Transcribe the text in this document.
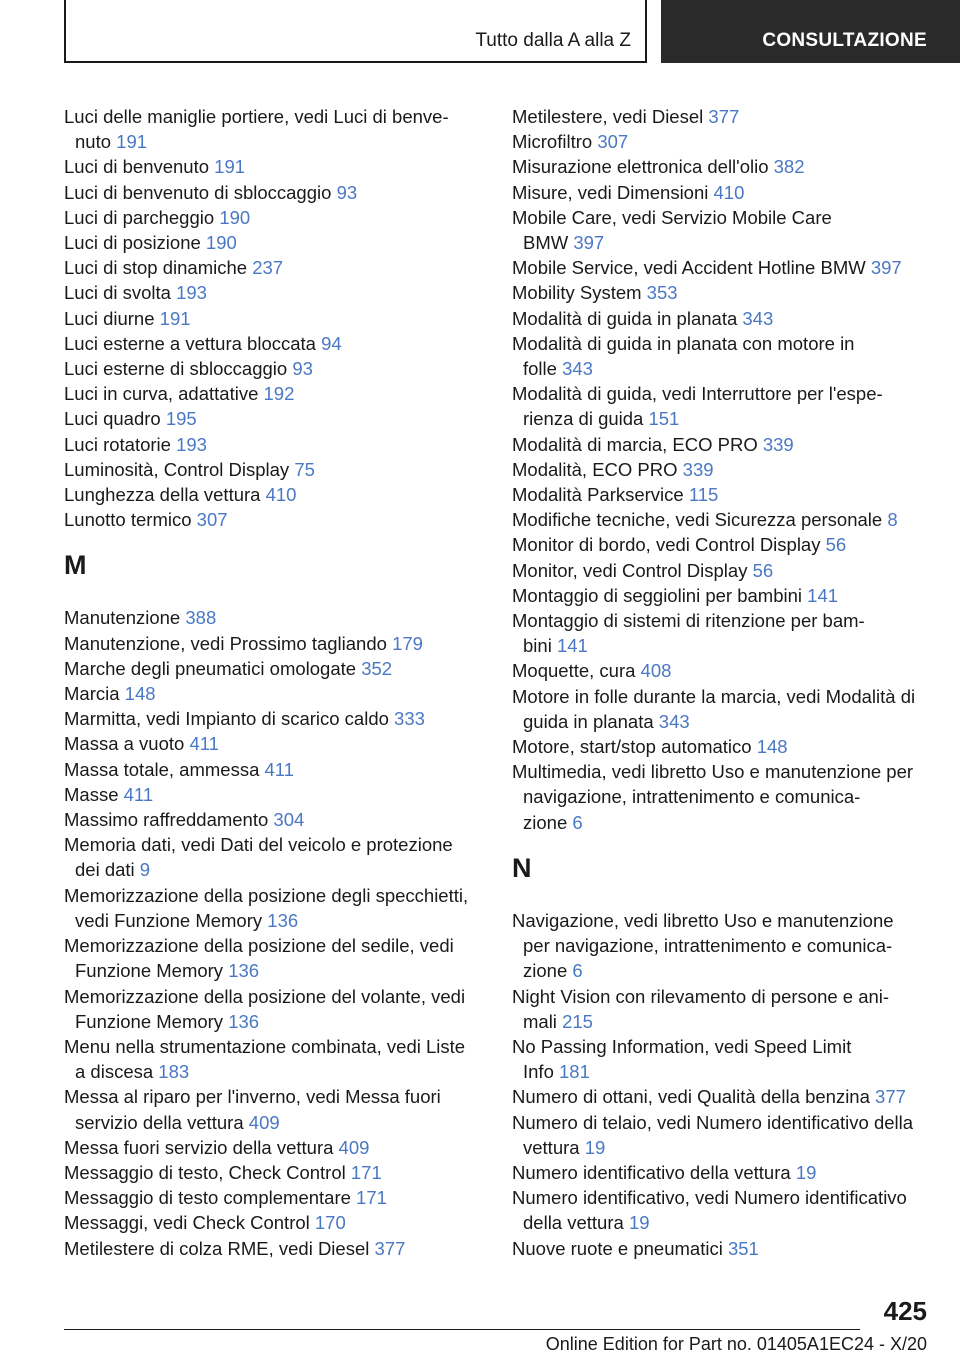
Tutto dalla A alla Z	CONSULTAZIONE
Luci delle maniglie portiere, vedi Luci di benve-
nuto 191
Luci di benvenuto 191
Luci di benvenuto di sbloccaggio 93
Luci di parcheggio 190
Luci di posizione 190
Luci di stop dinamiche 237
Luci di svolta 193
Luci diurne 191
Luci esterne a vettura bloccata 94
Luci esterne di sbloccaggio 93
Luci in curva, adattative 192
Luci quadro 195
Luci rotatorie 193
Luminosità, Control Display 75
Lunghezza della vettura 410
Lunotto termico 307
M
Manutenzione 388
Manutenzione, vedi Prossimo tagliando 179
Marche degli pneumatici omologate 352
Marcia 148
Marmitta, vedi Impianto di scarico caldo 333
Massa a vuoto 411
Massa totale, ammessa 411
Masse 411
Massimo raffreddamento 304
Memoria dati, vedi Dati del veicolo e protezione
dei dati 9
Memorizzazione della posizione degli specchietti,
vedi Funzione Memory 136
Memorizzazione della posizione del sedile, vedi
Funzione Memory 136
Memorizzazione della posizione del volante, vedi
Funzione Memory 136
Menu nella strumentazione combinata, vedi Liste
a discesa 183
Messa al riparo per l'inverno, vedi Messa fuori
servizio della vettura 409
Messa fuori servizio della vettura 409
Messaggio di testo, Check Control 171
Messaggio di testo complementare 171
Messaggi, vedi Check Control 170
Metilestere di colza RME, vedi Diesel 377
Metilestere, vedi Diesel 377
Microfiltro 307
Misurazione elettronica dell'olio 382
Misure, vedi Dimensioni 410
Mobile Care, vedi Servizio Mobile Care
BMW 397
Mobile Service, vedi Accident Hotline BMW 397
Mobility System 353
Modalità di guida in planata 343
Modalità di guida in planata con motore in
folle 343
Modalità di guida, vedi Interruttore per l'espe-
rienza di guida 151
Modalità di marcia, ECO PRO 339
Modalità, ECO PRO 339
Modalità Parkservice 115
Modifiche tecniche, vedi Sicurezza personale 8
Monitor di bordo, vedi Control Display 56
Monitor, vedi Control Display 56
Montaggio di seggiolini per bambini 141
Montaggio di sistemi di ritenzione per bam-
bini 141
Moquette, cura 408
Motore in folle durante la marcia, vedi Modalità di
guida in planata 343
Motore, start/stop automatico 148
Multimedia, vedi libretto Uso e manutenzione per
navigazione, intrattenimento e comunica-
zione 6
N
Navigazione, vedi libretto Uso e manutenzione
per navigazione, intrattenimento e comunica-
zione 6
Night Vision con rilevamento di persone e ani-
mali 215
No Passing Information, vedi Speed Limit
Info 181
Numero di ottani, vedi Qualità della benzina 377
Numero di telaio, vedi Numero identificativo della
vettura 19
Numero identificativo della vettura 19
Numero identificativo, vedi Numero identificativo
della vettura 19
Nuove ruote e pneumatici 351
425
Online Edition for Part no. 01405A1EC24 - X/20
